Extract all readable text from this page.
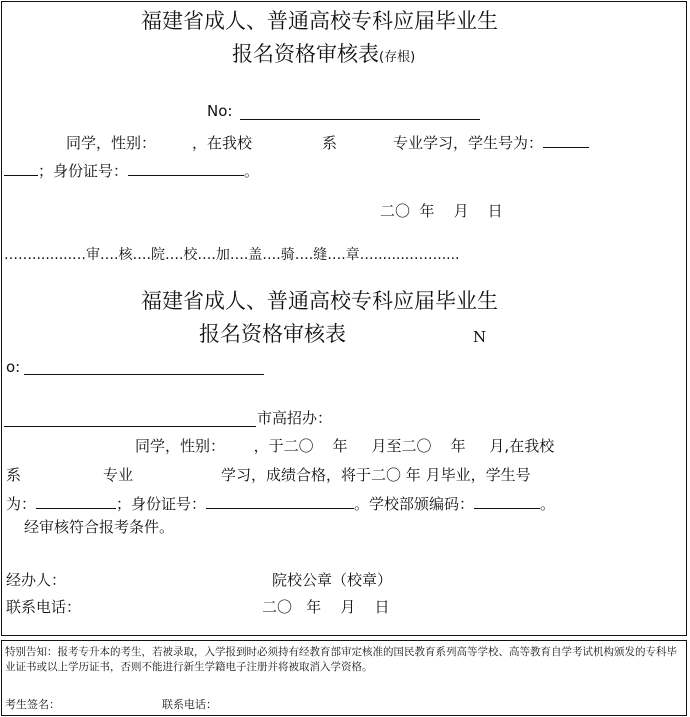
福建省成人、普通高校专科应届毕业生
报名资格审核表(存根)
No:
同学，性别： ，在我校	系	专业学习，学生号为：
；身份证号：	。
二〇  年    月    日
…….........…审….核….院….校….加….盖….骑….缝….章…........…….....
福建省成人、普通高校专科应届毕业生
报名资格审核表	N
o:
市高招办：
同学，性别：      ，于二〇    年     月至二〇    年     月,在我校
系	专业	学习，成绩合格，将于二〇 年 月毕业，学生号
为：	；身份证号：	。学校部颁编码：	。
经审核符合报考条件。
经办人：	院校公章（校章）
联系电话：	二〇   年    月    日
特别告知：报考专升本的考生，若被录取，入学报到时必须持有经教育部审定核准的国民教育系列高等学校、高等教育自学考试机构颁发的专科毕业证书或以上学历证书，否则不能进行新生学籍电子注册并将被取消入学资格。
考生签名：	联系电话：
